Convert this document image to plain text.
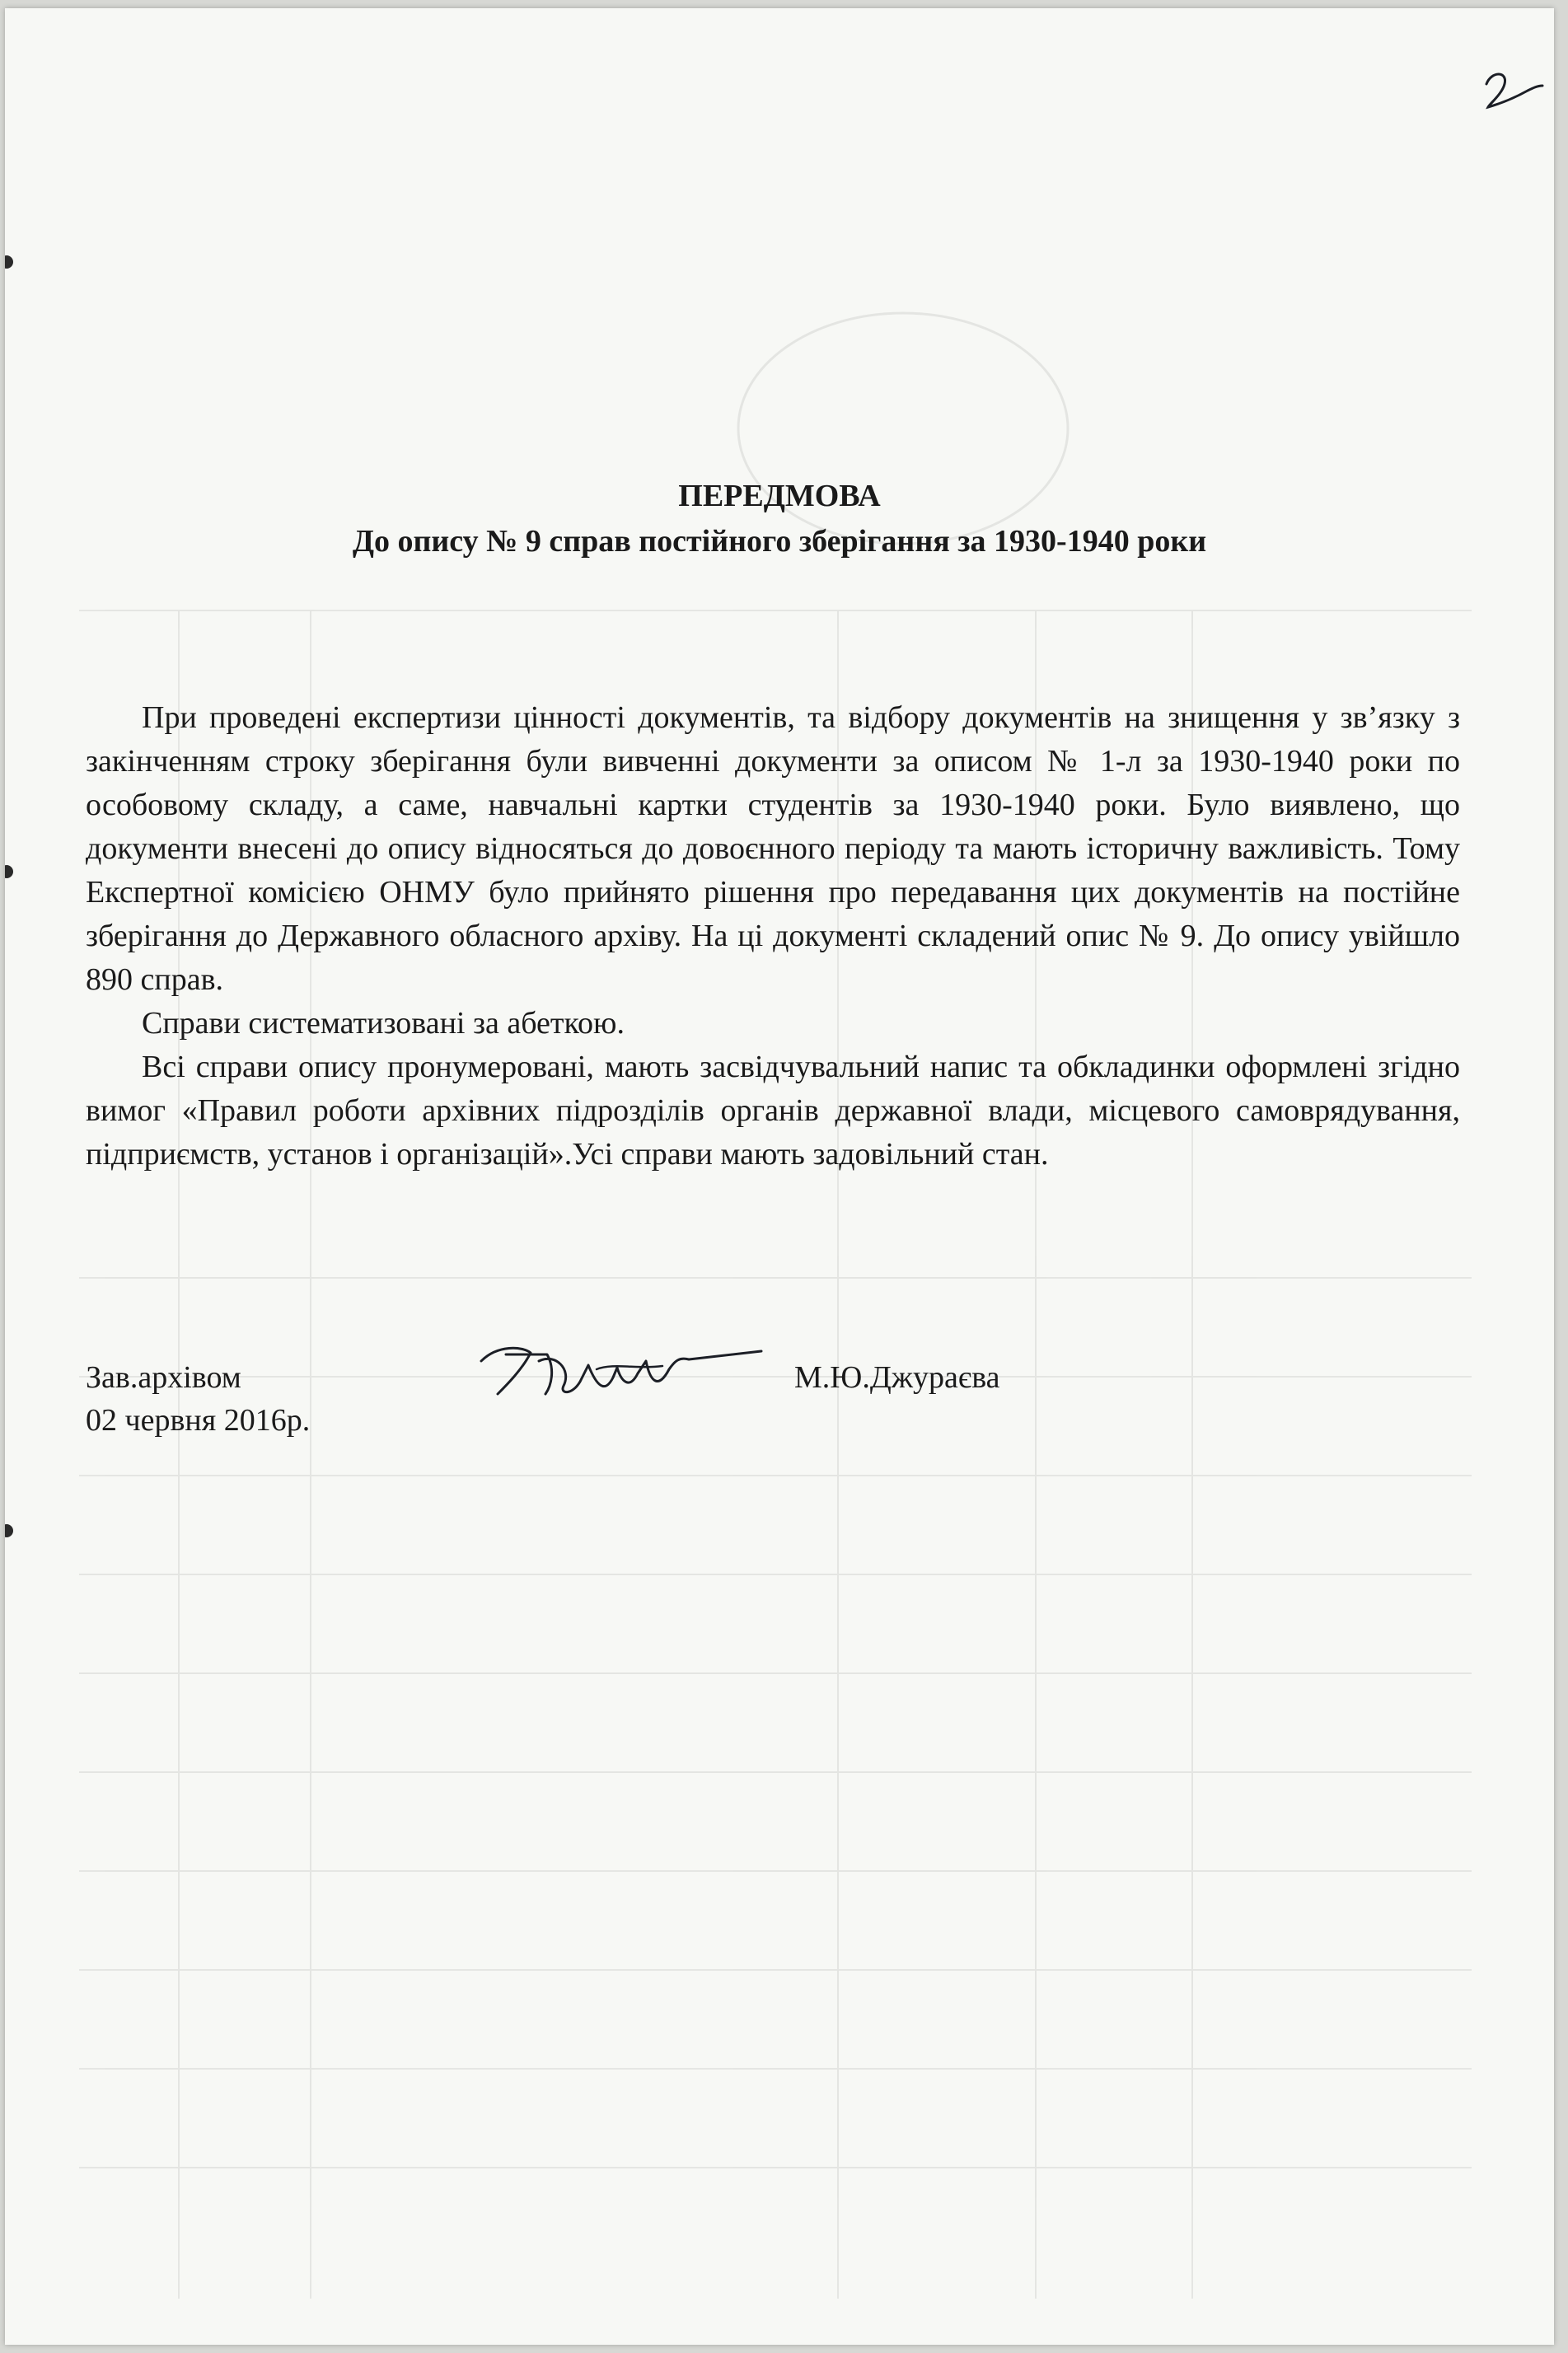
ПЕРЕДМОВА
До опису № 9 справ постійного зберігання за 1930-1940 роки

При проведені експертизи цінності документів, та відбору документів на знищення у зв’язку з закінченням строку зберігання були вивченні документи за описом № 1-л за 1930-1940 роки по особовому складу, а саме, навчальні картки студентів за 1930-1940 роки. Було виявлено, що документи внесені до опису відносяться до довоєнного періоду та мають історичну важливість. Тому Експертної комісією ОНМУ було прийнято рішення про передавання цих документів на постійне зберігання до Державного обласного архіву. На ці документі складений опис № 9. До опису увійшло 890 справ.

Справи систематизовані за абеткою.

Всі справи опису пронумеровані, мають засвідчувальний напис та обкладинки оформлені згідно вимог «Правил роботи архівних підрозділів органів державної влади, місцевого самоврядування, підприємств, установ і організацій».Усі справи мають задовільний стан.

Зав.архівом
02 червня 2016р.
М.Ю.Джураєва
